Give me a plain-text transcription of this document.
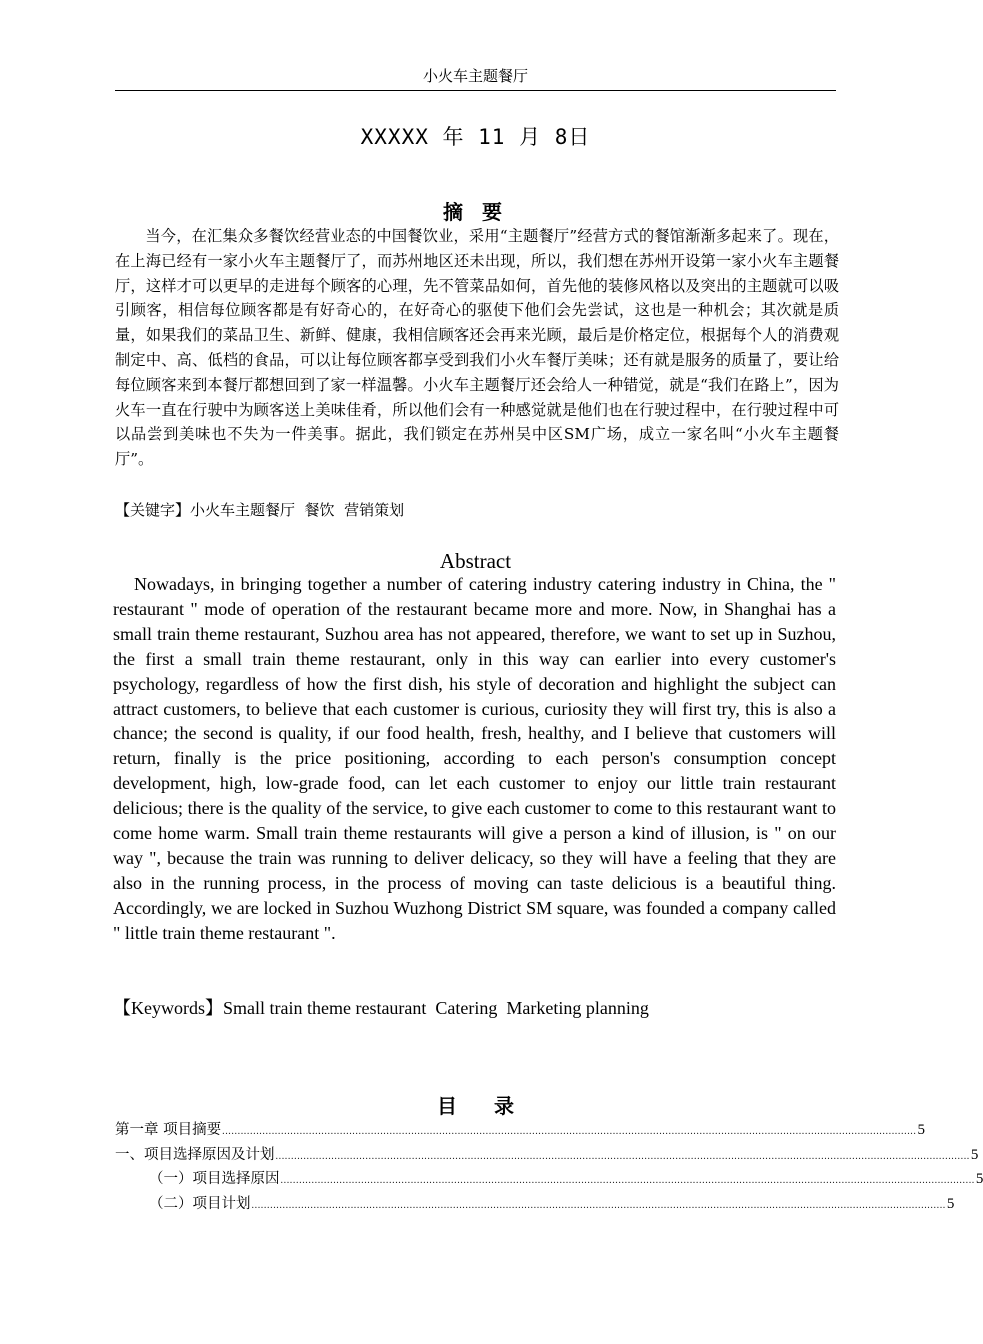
小火车主题餐厅
XXXXX 年 11 月 8日
摘 要
当今，在汇集众多餐饮经营业态的中国餐饮业，采用“主题餐厅”经营方式的餐馆渐渐多起来了。现在，在上海已经有一家小火车主题餐厅了，而苏州地区还未出现，所以，我们想在苏州开设第一家小火车主题餐厅，这样才可以更早的走进每个顾客的心理，先不管菜品如何，首先他的装修风格以及突出的主题就可以吸引顾客，相信每位顾客都是有好奇心的，在好奇心的驱使下他们会先尝试，这也是一种机会；其次就是质量，如果我们的菜品卫生、新鲜、健康，我相信顾客还会再来光顾，最后是价格定位，根据每个人的消费观制定中、高、低档的食品，可以让每位顾客都享受到我们小火车餐厅美味；还有就是服务的质量了，要让给每位顾客来到本餐厅都想回到了家一样温馨。小火车主题餐厅还会给人一种错觉，就是“我们在路上”，因为火车一直在行驶中为顾客送上美味佳肴，所以他们会有一种感觉就是他们也在行驶过程中，在行驶过程中可以品尝到美味也不失为一件美事。据此，我们锁定在苏州吴中区SM广场，成立一家名叫“小火车主题餐厅”。
【关键字】小火车主题餐厅  餐饮  营销策划
Abstract
Nowadays, in bringing together a number of catering industry catering industry in China, the " restaurant " mode of operation of the restaurant became more and more. Now, in Shanghai has a small train theme restaurant, Suzhou area has not appeared, therefore, we want to set up in Suzhou, the first a small train theme restaurant, only in this way can earlier into every customer's psychology, regardless of how the first dish, his style of decoration and highlight the subject can attract customers, to believe that each customer is curious, curiosity they will first try, this is also a chance; the second is quality, if our food health, fresh, healthy, and I believe that customers will return, finally is the price positioning, according to each person's consumption concept development, high, low-grade food, can let each customer to enjoy our little train restaurant delicious; there is the quality of the service, to give each customer to come to this restaurant want to come home warm. Small train theme restaurants will give a person a kind of illusion, is " on our way ", because the train was running to deliver delicacy, so they will have a feeling that they are also in the running process, in the process of moving can taste delicious is a beautiful thing. Accordingly, we are locked in Suzhou Wuzhong District SM square, was founded a company called " little train theme restaurant ".
【Keywords】Small train theme restaurant  Catering  Marketing planning
目 录
第一章 项目摘要 ................................................................................................................................................................................................................................ 5
一、项目选择原因及计划 ................................................................................................................................................................................................................................ 5
（一）项目选择原因 ................................................................................................................................................................................................................................ 5
（二）项目计划 ................................................................................................................................................................................................................................ 5
